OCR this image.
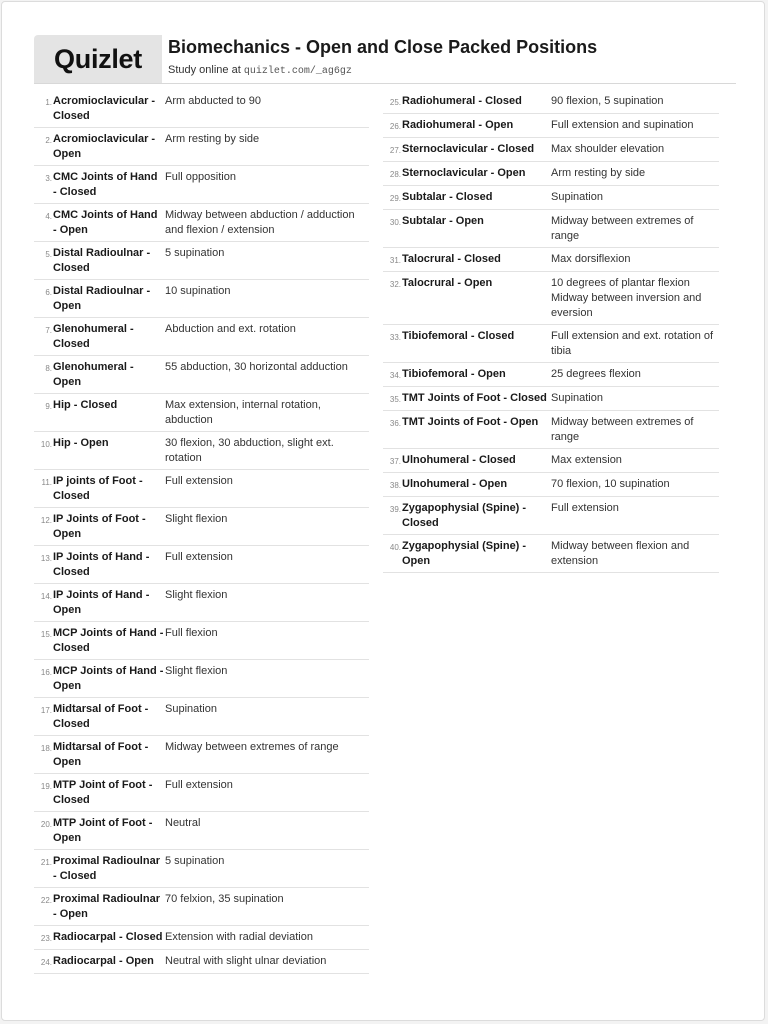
Quizlet	Biomechanics - Open and Close Packed Positions
Study online at quizlet.com/_ag6gz
1. Acromioclavicular - Closed
Arm abducted to 90
2. Acromioclavicular - Open
Arm resting by side
3. CMC Joints of Hand - Closed
Full opposition
4. CMC Joints of Hand - Open
Midway between abduction / adduction and flexion / extension
5. Distal Radioulnar - Closed
5 supination
6. Distal Radioulnar - Open
10 supination
7. Glenohumeral - Closed
Abduction and ext. rotation
8. Glenohumeral - Open
55 abduction, 30 horizontal adduction
9. Hip - Closed	Max extension, internal rotation, abduction
10. Hip - Open	30 flexion, 30 abduction, slight ext. rotation
11. IP joints of Foot - Closed
Full extension
12. IP Joints of Foot - Open
Slight flexion
13. IP Joints of Hand - Closed
Full extension
14. IP Joints of Hand - Open
Slight flexion
15. MCP Joints of Hand - Closed
Full flexion
16. MCP Joints of Hand - Open
Slight flexion
17. Midtarsal of Foot - Closed
Supination
18. Midtarsal of Foot - Open
Midway between extremes of range
19. MTP Joint of Foot - Closed
Full extension
20. MTP Joint of Foot - Open
Neutral
21. Proximal Radioulnar - Closed
5 supination
22. Proximal Radioulnar - Open
70 felxion, 35 supination
23. Radiocarpal - Closed Extension with radial deviation
24. Radiocarpal - Open	Neutral with slight ulnar deviation
25. Radiohumeral - Closed	90 flexion, 5 supination
26. Radiohumeral - Open	Full extension and supination
27. Sternoclavicular - Closed	Max shoulder elevation
28. Sternoclavicular - Open	Arm resting by side
29. Subtalar - Closed	Supination
30. Subtalar - Open	Midway between extremes of range
31. Talocrural - Closed	Max dorsiflexion
32. Talocrural - Open	10 degrees of plantar flexion Midway between inversion and eversion
33. Tibiofemoral - Closed	Full extension and ext. rotation of tibia
34. Tibiofemoral - Open	25 degrees flexion
35. TMT Joints of Foot - Closed Supination
36. TMT Joints of Foot - Open	Midway between extremes of range
37. Ulnohumeral - Closed	Max extension
38. Ulnohumeral - Open	70 flexion, 10 supination
39. Zygapophysial (Spine) - Closed
Full extension
40. Zygapophysial (Spine) - Open
Midway between flexion and extension
